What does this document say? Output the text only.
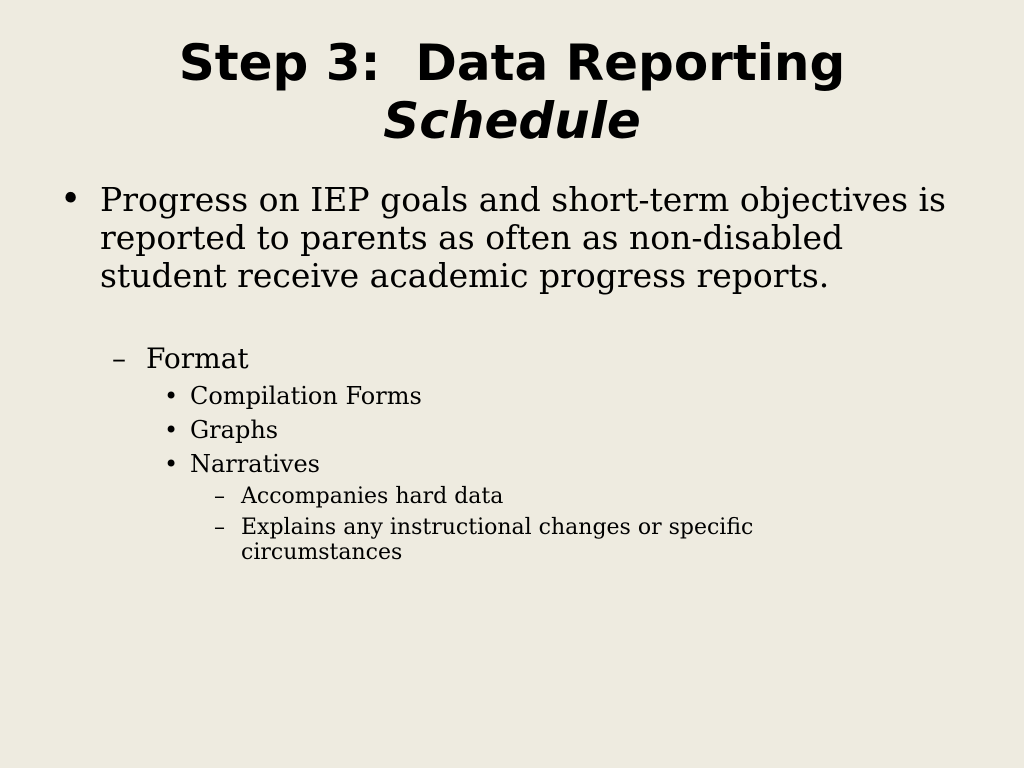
Step 3:  Data Reporting
Schedule
• Progress on IEP goals and short-term objectives is reported to parents as often as non-disabled student receive academic progress reports.
– Format
• Compilation Forms
• Graphs
• Narratives
– Accompanies hard data
– Explains any instructional changes or specific circumstances
